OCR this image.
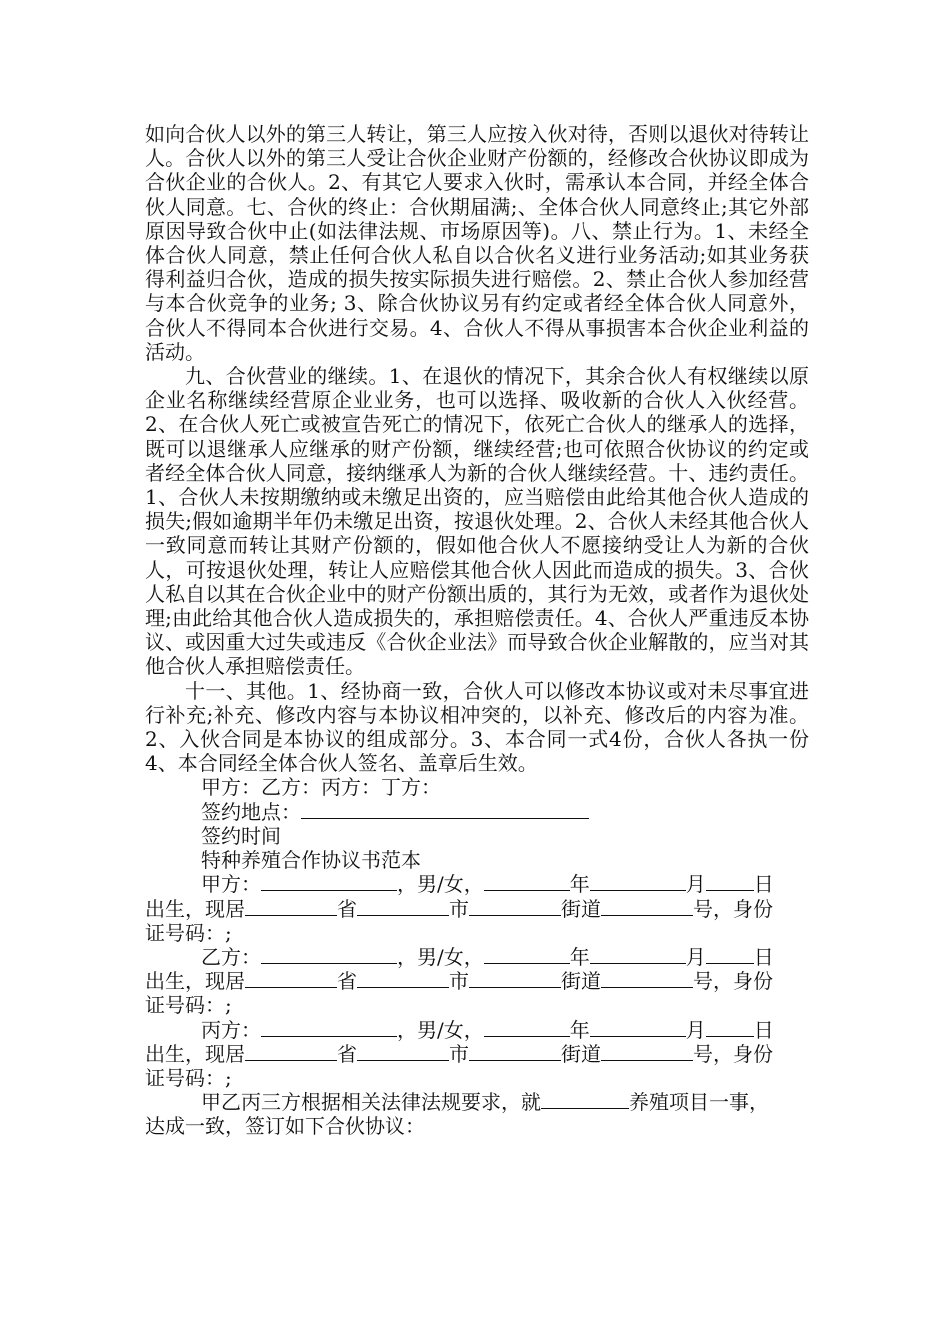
如向合伙人以外的第三人转让，第三人应按入伙对待，否则以退伙对待转让人。合伙人以外的第三人受让合伙企业财产份额的，经修改合伙协议即成为合伙企业的合伙人。2、有其它人要求入伙时，需承认本合同，并经全体合伙人同意。七、合伙的终止：合伙期届满;、全体合伙人同意终止;其它外部原因导致合伙中止(如法律法规、市场原因等)。八、禁止行为。1、未经全体合伙人同意，禁止任何合伙人私自以合伙名义进行业务活动;如其业务获得利益归合伙，造成的损失按实际损失进行赔偿。2、禁止合伙人参加经营与本合伙竞争的业务; 3、除合伙协议另有约定或者经全体合伙人同意外，合伙人不得同本合伙进行交易。4、合伙人不得从事损害本合伙企业利益的活动。

九、合伙营业的继续。1、在退伙的情况下，其余合伙人有权继续以原企业名称继续经营原企业业务，也可以选择、吸收新的合伙人入伙经营。2、在合伙人死亡或被宣告死亡的情况下，依死亡合伙人的继承人的选择，既可以退继承人应继承的财产份额，继续经营;也可依照合伙协议的约定或者经全体合伙人同意，接纳继承人为新的合伙人继续经营。十、违约责任。1、合伙人未按期缴纳或未缴足出资的，应当赔偿由此给其他合伙人造成的损失;假如逾期半年仍未缴足出资，按退伙处理。2、合伙人未经其他合伙人一致同意而转让其财产份额的，假如他合伙人不愿接纳受让人为新的合伙人，可按退伙处理，转让人应赔偿其他合伙人因此而造成的损失。3、合伙人私自以其在合伙企业中的财产份额出质的，其行为无效，或者作为退伙处理;由此给其他合伙人造成损失的，承担赔偿责任。4、合伙人严重违反本协议、或因重大过失或违反《合伙企业法》而导致合伙企业解散的，应当对其他合伙人承担赔偿责任。

十一、其他。1、经协商一致，合伙人可以修改本协议或对未尽事宜进行补充;补充、修改内容与本协议相冲突的，以补充、修改后的内容为准。2、入伙合同是本协议的组成部分。3、本合同一式4份，合伙人各执一份4、本合同经全体合伙人签名、盖章后生效。

甲方：乙方：丙方：丁方：

签约地点：

签约时间

特种养殖合作协议书范本

甲方：	，男/女，	年	月 日

出生，现居	省	市	街道	号，身份

证号码：;

乙方：	，男/女，	年	月 日

出生，现居	省	市	街道	号，身份

证号码：;

丙方：	，男/女，	年	月 日

出生，现居	省	市	街道	号，身份

证号码：;

甲乙丙三方根据相关法律法规要求，就	养殖项目一事，

达成一致，签订如下合伙协议：
